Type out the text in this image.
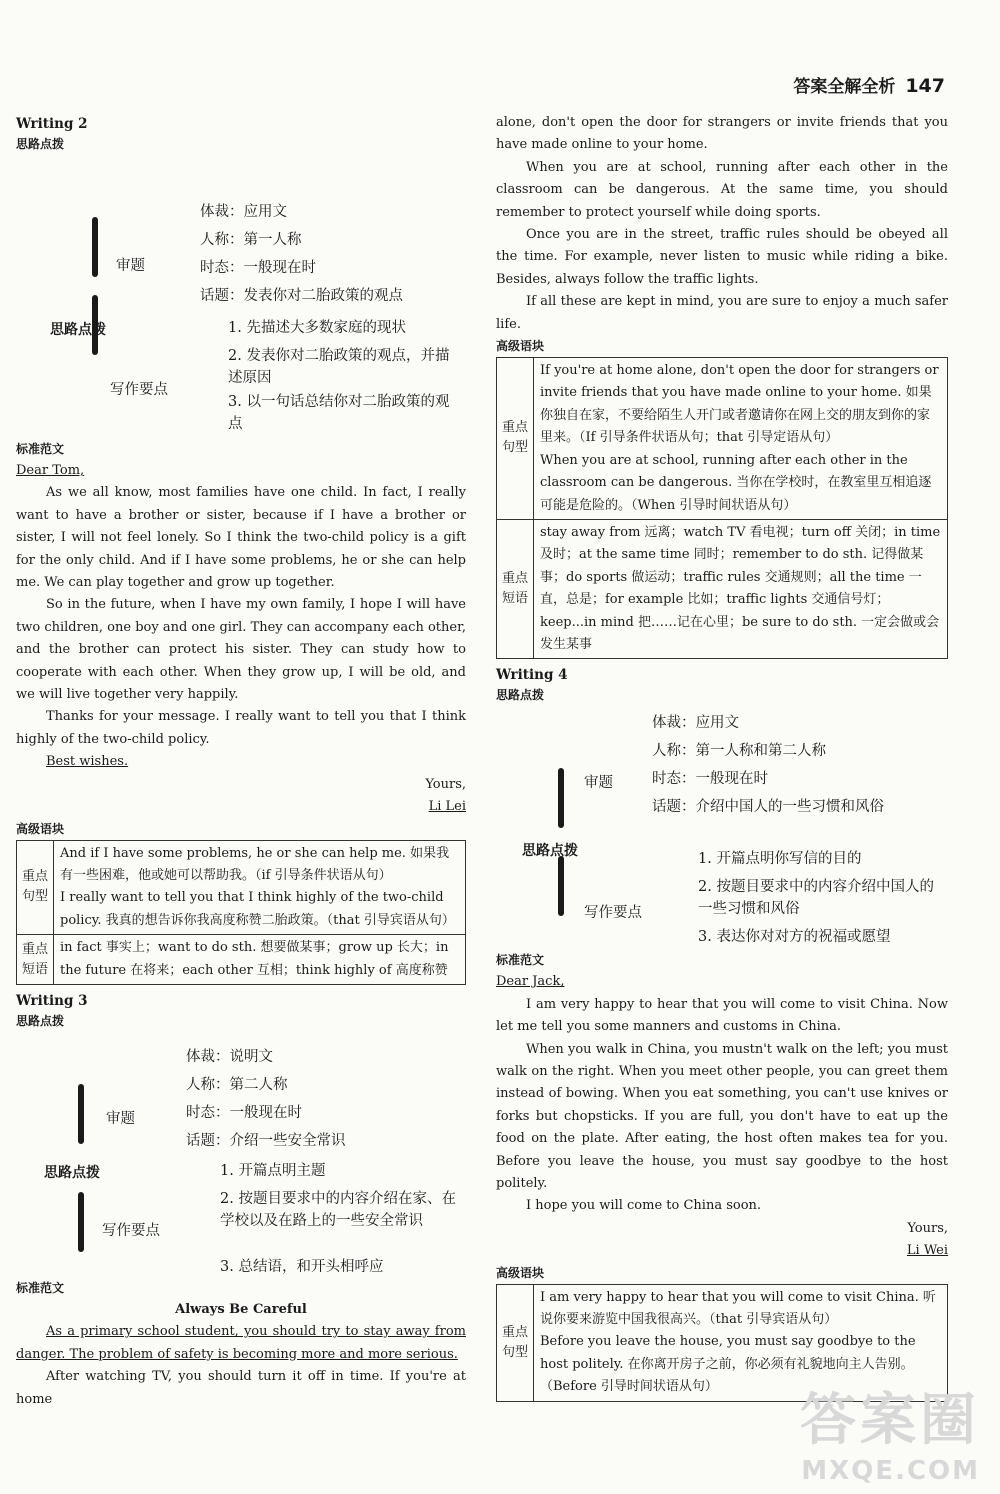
答案全解全析 147
Writing 2
思路点拨
审题
思路点拨
写作要点
体裁：应用文
人称：第一人称
时态：一般现在时
话题：发表你对二胎政策的观点
1. 先描述大多数家庭的现状
2. 发表你对二胎政策的观点，并描述原因
3. 以一句话总结你对二胎政策的观点
标准范文

Dear Tom,

As we all know, most families have one child. In fact, I really want to have a brother or sister, because if I have a brother or sister, I will not feel lonely. So I think the two-child policy is a gift for the only child. And if I have some problems, he or she can help me. We can play together and grow up together.

So in the future, when I have my own family, I hope I will have two children, one boy and one girl. They can accompany each other, and the brother can protect his sister. They can study how to cooperate with each other. When they grow up, I will be old, and we will live together very happily.

Thanks for your message. I really want to tell you that I think highly of the two-child policy.

Best wishes.

Yours,

Li Lei

高级语块
重点句型	And if I have some problems, he or she can help me. 如果我有一些困难，他或她可以帮助我。（if 引导条件状语从句）
I really want to tell you that I think highly of the two-child policy. 我真的想告诉你我高度称赞二胎政策。（that 引导宾语从句）

重点短语	in fact 事实上；want to do sth. 想要做某事；grow up 长大；in the future 在将来；each other 互相；think highly of 高度称赞
Writing 3
思路点拨
审题
思路点拨
写作要点
体裁：说明文
人称：第二人称
时态：一般现在时
话题：介绍一些安全常识
1. 开篇点明主题
2. 按题目要求中的内容介绍在家、在学校以及在路上的一些安全常识
3. 总结语，和开头相呼应
标准范文

Always Be Careful

As a primary school student, you should try to stay away from danger. The problem of safety is becoming more and more serious.

After watching TV, you should turn it off in time. If you're at home

alone, don't open the door for strangers or invite friends that you have made online to your home.

When you are at school, running after each other in the classroom can be dangerous. At the same time, you should remember to protect yourself while doing sports.

Once you are in the street, traffic rules should be obeyed all the time. For example, never listen to music while riding a bike. Besides, always follow the traffic lights.

If all these are kept in mind, you are sure to enjoy a much safer life.

高级语块
重点句型	If you're at home alone, don't open the door for strangers or invite friends that you have made online to your home. 如果你独自在家，不要给陌生人开门或者邀请你在网上交的朋友到你的家里来。（If 引导条件状语从句；that 引导定语从句）
When you are at school, running after each other in the classroom can be dangerous. 当你在学校时，在教室里互相追逐可能是危险的。（When 引导时间状语从句）

重点短语	stay away from 远离；watch TV 看电视；turn off 关闭；in time 及时；at the same time 同时；remember to do sth. 记得做某事；do sports 做运动；traffic rules 交通规则；all the time 一直，总是；for example 比如；traffic lights 交通信号灯；keep...in mind 把……记在心里；be sure to do sth. 一定会做或会发生某事
Writing 4
思路点拨
审题
思路点拨
写作要点
体裁：应用文
人称：第一人称和第二人称
时态：一般现在时
话题：介绍中国人的一些习惯和风俗
1. 开篇点明你写信的目的
2. 按题目要求中的内容介绍中国人的一些习惯和风俗
3. 表达你对对方的祝福或愿望
标准范文

Dear Jack,

I am very happy to hear that you will come to visit China. Now let me tell you some manners and customs in China.

When you walk in China, you mustn't walk on the left; you must walk on the right. When you meet other people, you can greet them instead of bowing. When you eat something, you can't use knives or forks but chopsticks. If you are full, you don't have to eat up the food on the plate. After eating, the host often makes tea for you. Before you leave the house, you must say goodbye to the host politely.

I hope you will come to China soon.

Yours,

Li Wei

高级语块
重点句型	
I am very happy to hear that you will come to visit China. 听说你要来游览中国我很高兴。（that 引导宾语从句）
Before you leave the house, you must say goodbye to the host politely. 在你离开房子之前，你必须有礼貌地向主人告别。（Before 引导时间状语从句）
答案圈
MXQE.COM
